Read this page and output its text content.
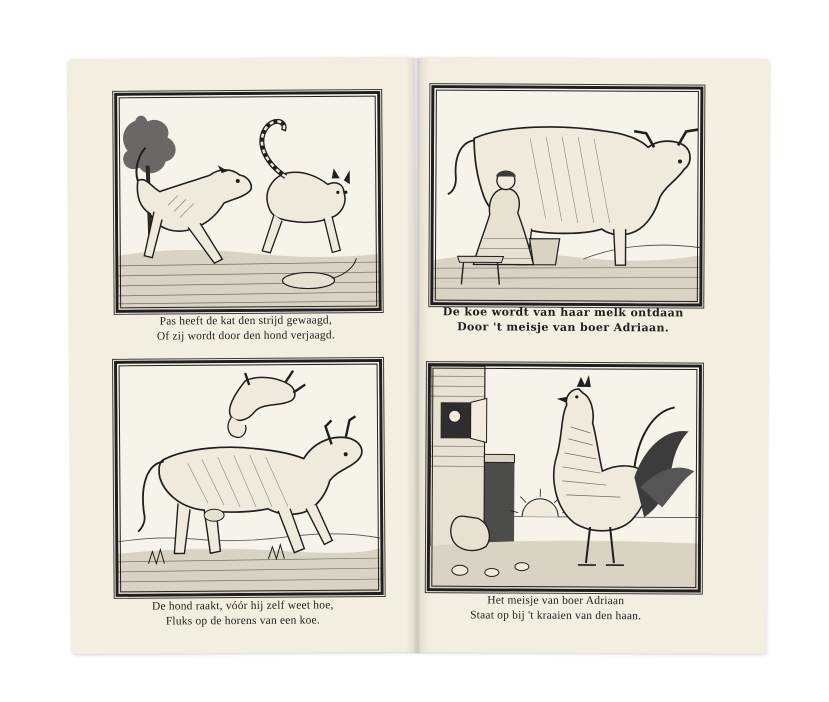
Pas heeft de kat den strijd gewaagd,
Of zij wordt door den hond verjaagd.
De hond raakt, vóór hij zelf weet hoe,
Fluks op de horens van een koe.
De koe wordt van haar melk ontdaan
Door 't meisje van boer Adriaan.
Het meisje van boer Adriaan
Staat op bij 't kraaien van den haan.
